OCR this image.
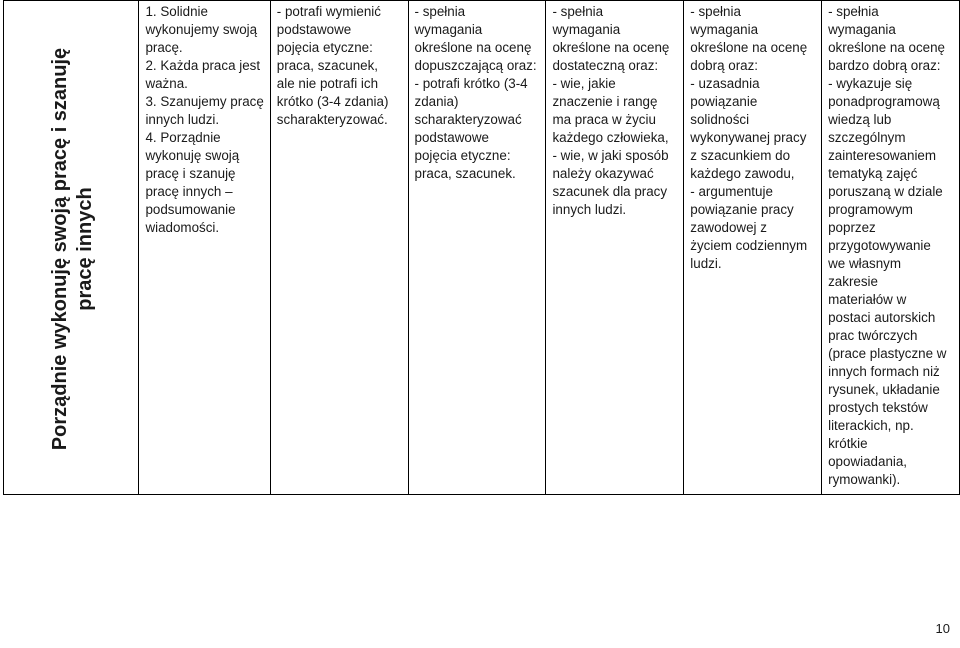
Porządnie wykonuję swoją pracę i szanuję pracę innych

1. Solidnie
wykonujemy swoją
pracę.
2. Każda praca jest
ważna.
3. Szanujemy pracę
innych ludzi.
4. Porządnie
wykonuję swoją
pracę i szanuję
pracę innych –
podsumowanie
wiadomości.

- potrafi wymienić
podstawowe
pojęcia etyczne:
praca, szacunek,
ale nie potrafi ich
krótko (3-4 zdania)
scharakteryzować.

- spełnia
wymagania
określone na ocenę
dopuszczającą oraz:
- potrafi krótko (3-4
zdania)
scharakteryzować
podstawowe
pojęcia etyczne:
praca, szacunek.

- spełnia
wymagania
określone na ocenę
dostateczną oraz:
- wie, jakie
znaczenie i rangę
ma praca w życiu
każdego człowieka,
- wie, w jaki sposób
należy okazywać
szacunek dla pracy
innych ludzi.

- spełnia
wymagania
określone na ocenę
dobrą oraz:
- uzasadnia
powiązanie
solidności
wykonywanej pracy
z szacunkiem do
każdego zawodu,
- argumentuje
powiązanie pracy
zawodowej z
życiem codziennym
ludzi.

- spełnia
wymagania
określone na ocenę
bardzo dobrą oraz:
- wykazuje się
ponadprogramową
wiedzą lub
szczególnym
zainteresowaniem
tematyką zajęć
poruszaną w dziale
programowym
poprzez
przygotowywanie
we własnym
zakresie
materiałów w
postaci autorskich
prac twórczych
(prace plastyczne w
innych formach niż
rysunek, układanie
prostych tekstów
literackich, np.
krótkie
opowiadania,
rymowanki).
10
